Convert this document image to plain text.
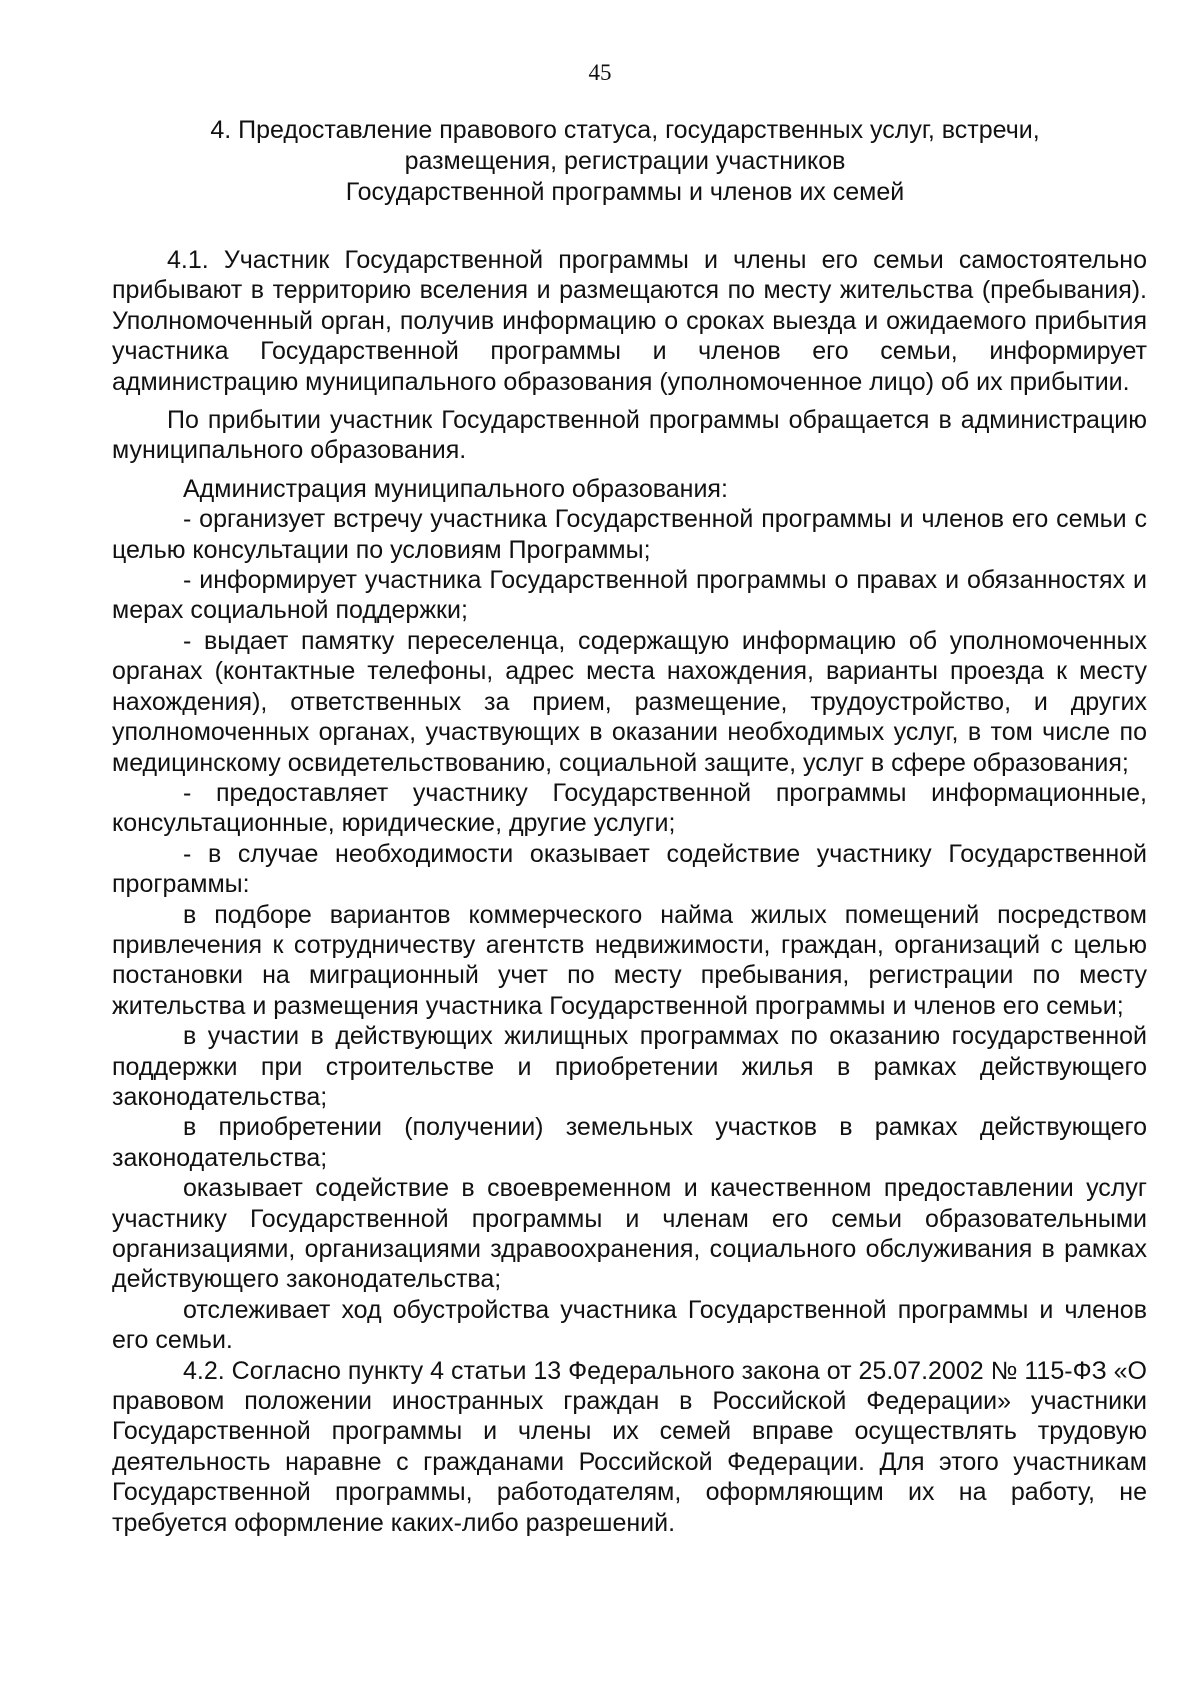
45
4. Предоставление правового статуса, государственных услуг, встречи,
размещения, регистрации участников
Государственной программы и членов их семей

4.1. Участник Государственной программы и члены его семьи самостоятельно прибывают в территорию вселения и размещаются по месту жительства (пребывания). Уполномоченный орган, получив информацию о сроках выезда и ожидаемого прибытия участника Государственной программы и членов его семьи, информирует администрацию муниципального образования (уполномоченное лицо) об их прибытии.

По прибытии участник Государственной программы обращается в администрацию муниципального образования.

Администрация муниципального образования:

- организует встречу участника Государственной программы и членов его семьи с целью консультации по условиям Программы;

- информирует участника Государственной программы о правах и обязанностях и мерах социальной поддержки;

- выдает памятку переселенца, содержащую информацию об уполномоченных органах (контактные телефоны, адрес места нахождения, варианты проезда к месту нахождения), ответственных за прием, размещение, трудоустройство, и других уполномоченных органах, участвующих в оказании необходимых услуг, в том числе по медицинскому освидетельствованию, социальной защите, услуг в сфере образования;

- предоставляет участнику Государственной программы информационные, консультационные, юридические, другие услуги;

- в случае необходимости оказывает содействие участнику Государственной программы:

в подборе вариантов коммерческого найма жилых помещений посредством привлечения к сотрудничеству агентств недвижимости, граждан, организаций с целью постановки на миграционный учет по месту пребывания, регистрации по месту жительства и размещения участника Государственной программы и членов его семьи;

в участии в действующих жилищных программах по оказанию государственной поддержки при строительстве и приобретении жилья в рамках действующего законодательства;

в приобретении (получении) земельных участков в рамках действующего законодательства;

оказывает содействие в своевременном и качественном предоставлении услуг участнику Государственной программы и членам его семьи образовательными организациями, организациями здравоохранения, социального обслуживания в рамках действующего законодательства;

отслеживает ход обустройства участника Государственной программы и членов его семьи.

4.2. Согласно пункту 4 статьи 13 Федерального закона от 25.07.2002 № 115-ФЗ «О правовом положении иностранных граждан в Российской Федерации» участники Государственной программы и члены их семей вправе осуществлять трудовую деятельность наравне с гражданами Российской Федерации. Для этого участникам Государственной программы, работодателям, оформляющим их на работу, не требуется оформление каких-либо разрешений.
